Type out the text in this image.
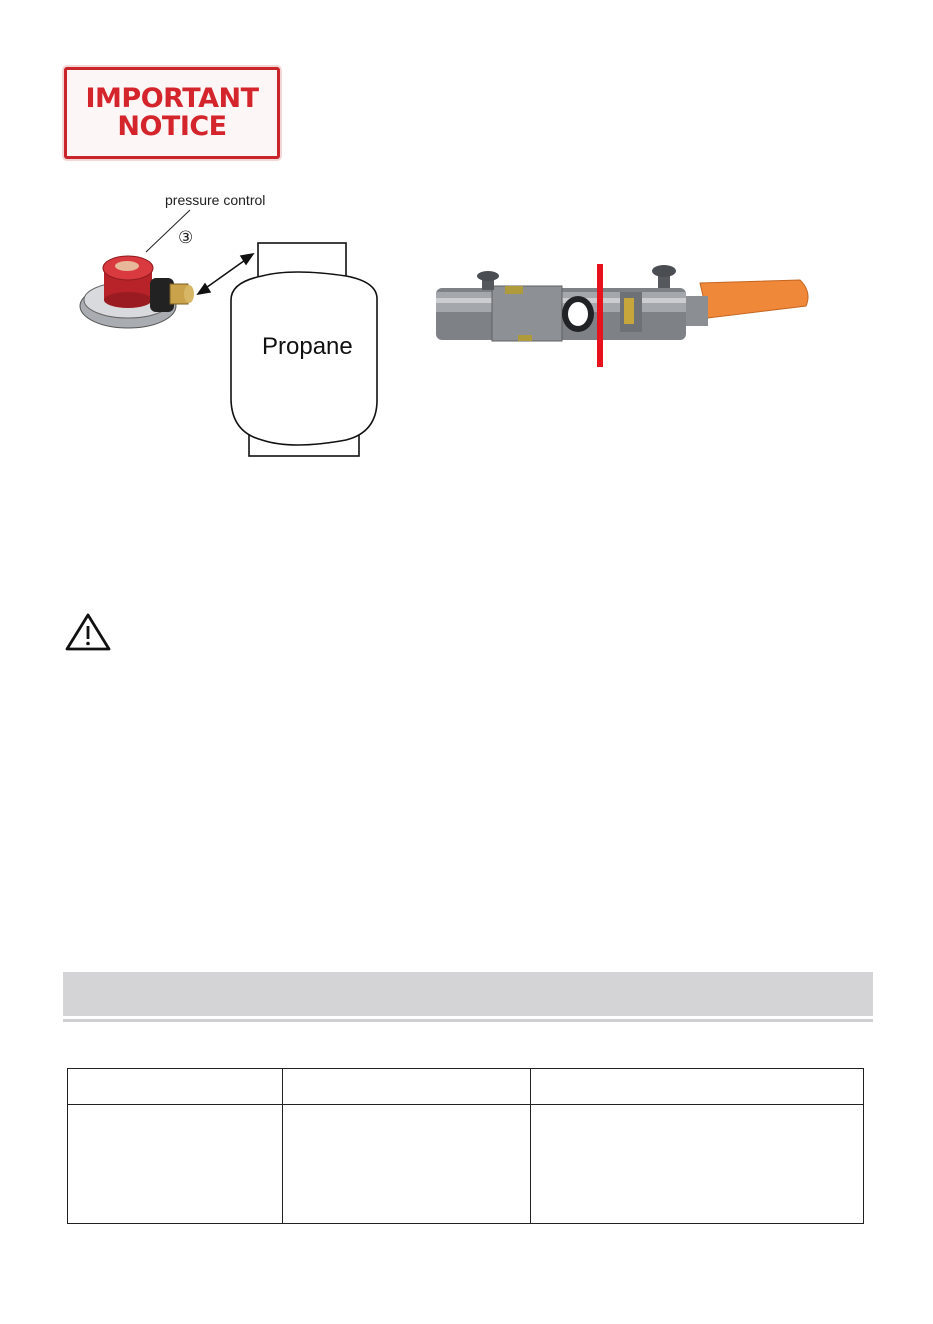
IMPORTANT
NOTICE
pressure control
③
Propane
